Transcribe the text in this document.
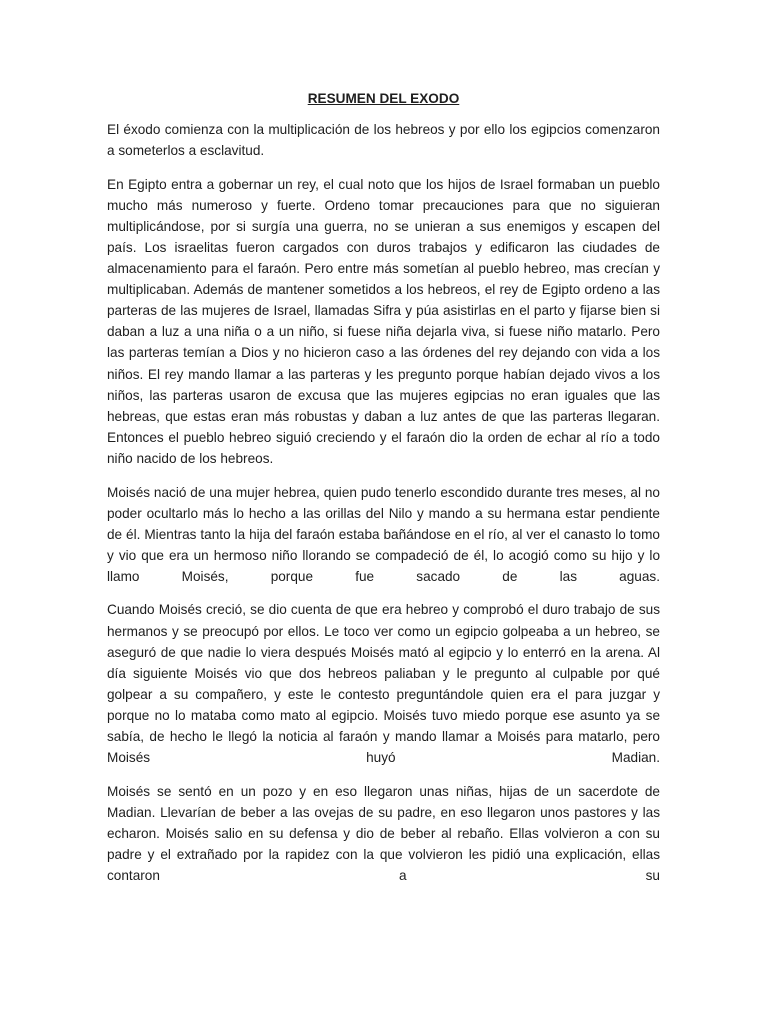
RESUMEN DEL EXODO

El éxodo comienza con la multiplicación de los hebreos y por ello los egipcios comenzaron a someterlos a esclavitud.

En Egipto entra a gobernar un rey, el cual noto que los hijos de Israel formaban un pueblo mucho más numeroso y fuerte. Ordeno tomar precauciones para que no siguieran multiplicándose, por si surgía una guerra, no se unieran a sus enemigos y escapen del país. Los israelitas fueron cargados con duros trabajos y edificaron las ciudades de almacenamiento para el faraón. Pero entre más sometían al pueblo hebreo, mas crecían y multiplicaban. Además de mantener sometidos a los hebreos, el rey de Egipto ordeno a las parteras de las mujeres de Israel, llamadas Sifra y púa asistirlas en el parto y fijarse bien si daban a luz a una niña o a un niño, si fuese niña dejarla viva, si fuese niño matarlo. Pero las parteras temían a Dios y no hicieron caso a las órdenes del rey dejando con vida a los niños. El rey mando llamar a las parteras y les pregunto porque habían dejado vivos a los niños, las parteras usaron de excusa que las mujeres egipcias no eran iguales que las hebreas, que estas eran más robustas y daban a luz antes de que las parteras llegaran. Entonces el pueblo hebreo siguió creciendo y el faraón dio la orden de echar al río a todo niño nacido de los hebreos.

Moisés nació de una mujer hebrea, quien pudo tenerlo escondido durante tres meses, al no poder ocultarlo más lo hecho a las orillas del Nilo y mando a su hermana estar pendiente de él. Mientras tanto la hija del faraón estaba bañándose en el río, al ver el canasto lo tomo y vio que era un hermoso niño llorando se compadeció de él, lo acogió como su hijo y lo llamo Moisés, porque fue sacado de las aguas.

Cuando Moisés creció, se dio cuenta de que era hebreo y comprobó el duro trabajo de sus hermanos y se preocupó por ellos. Le toco ver como un egipcio golpeaba a un hebreo, se aseguró de que nadie lo viera después Moisés mató al egipcio y lo enterró en la arena. Al día siguiente Moisés vio que dos hebreos paliaban y le pregunto al culpable por qué golpear a su compañero, y este le contesto preguntándole quien era el para juzgar y porque no lo mataba como mato al egipcio. Moisés tuvo miedo porque ese asunto ya se sabía, de hecho le llegó la noticia al faraón y mando llamar a Moisés para matarlo, pero Moisés huyó Madian.

Moisés se sentó en un pozo y en eso llegaron unas niñas, hijas de un sacerdote de Madian. Llevarían de beber a las ovejas de su padre, en eso llegaron unos pastores y las echaron. Moisés salio en su defensa y dio de beber al rebaño. Ellas volvieron a con su padre y el extrañado por la rapidez con la que volvieron les pidió una explicación, ellas contaron a su
